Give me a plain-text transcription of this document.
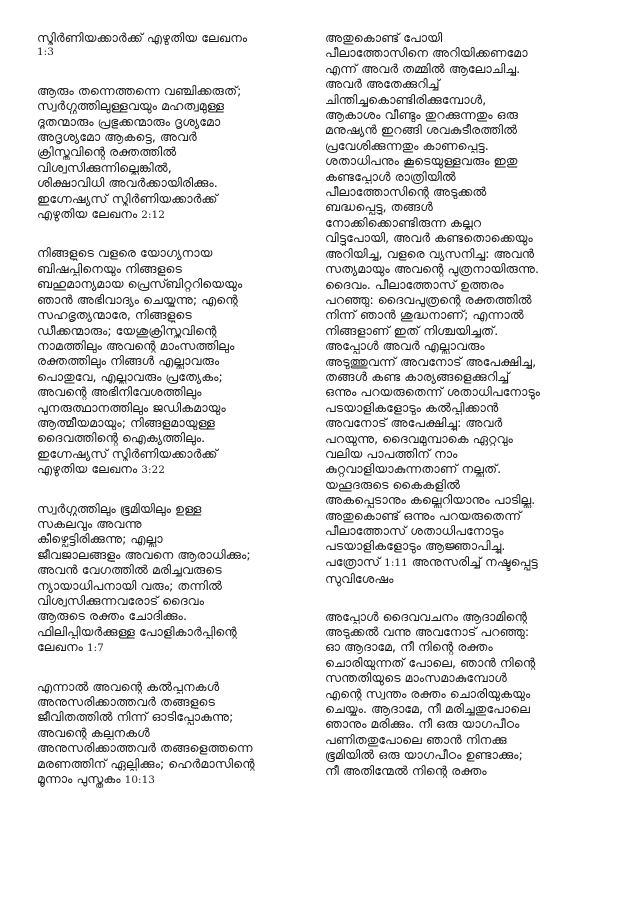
സ്മിർണിയക്കാർക്ക് എഴുതിയ ലേഖനം
1:3
ആരും തന്നെത്തന്നെ വഞ്ചിക്കരുത്;
സ്വർഗ്ഗത്തിലുള്ളവയും മഹത്വമുള്ള
ദൂതന്മാരും പ്രഭുക്കന്മാരും ദൃശ്യമോ
അദൃശ്യമോ ആകട്ടെ, അവർ
ക്രിസ്തുവിന്റെ രക്തത്തിൽ
വിശ്വസിക്കുന്നില്ലെങ്കിൽ,
ശിക്ഷാവിധി അവർക്കായിരിക്കും.
ഇഗ്നേഷ്യസ് സ്മിർണിയക്കാർക്ക്
എഴുതിയ ലേഖനം 2:12
നിങ്ങളുടെ വളരെ യോഗ്യനായ
ബിഷപ്പിനെയും നിങ്ങളുടെ
ബഹുമാന്യമായ പ്രെസ്ബിറ്ററിയെയും
ഞാൻ അഭിവാദ്യം ചെയ്യുന്നു; എന്റെ
സഹഭൃത്യന്മാരേ, നിങ്ങളുടെ
ഡീക്കന്മാരും; യേശുക്രിസ്തുവിന്റെ
നാമത്തിലും അവന്റെ മാംസത്തിലും
രക്തത്തിലും നിങ്ങൾ എല്ലാവരും
പൊതുവേ, എല്ലാവരും പ്രത്യേകം;
അവന്റെ അഭിനിവേശത്തിലും
പുനരുത്ഥാനത്തിലും ജഡികമായും
ആത്മീയമായും; നിങ്ങളുമായുള്ള
ദൈവത്തിന്റെ ഐക്യത്തിലും.
ഇഗ്നേഷ്യസ് സ്മിർണിയക്കാർക്ക്
എഴുതിയ ലേഖനം 3:22
സ്വർഗ്ഗത്തിലും ഭൂമിയിലും ഉള്ള
സകലവും അവന്നു
കീഴ്പ്പെട്ടിരിക്കുന്നു; എല്ലാ
ജീവജാലങ്ങളും അവനെ ആരാധിക്കും;
അവൻ വേഗത്തിൽ മരിച്ചവരുടെ
ന്യായാധിപനായി വരും; തന്നിൽ
വിശ്വസിക്കുന്നവരോട് ദൈവം
ആരുടെ രക്തം ചോദിക്കും.
ഫിലിപ്പിയർക്കുള്ള പോളികാർപ്പിന്റെ
ലേഖനം 1:7
എന്നാൽ അവന്റെ കൽപ്പനകൾ
അനുസരിക്കാത്തവർ തങ്ങളുടെ
ജീവിതത്തിൽ നിന്ന് ഓടിപ്പോകുന്നു;
അവന്റെ കല്പനകൾ
അനുസരിക്കാത്തവർ തങ്ങളെത്തന്നെ
മരണത്തിന് ഏല്പിക്കും; ഹെർമാസിന്റെ
മൂന്നാം പുസ്തകം 10:13
അതുകൊണ്ട് പോയി
പീലാത്തോസിനെ അറിയിക്കണമോ
എന്ന് അവർ തമ്മിൽ ആലോചിച്ചു.
അവർ അതേക്കുറിച്ച്
ചിന്തിച്ചുകൊണ്ടിരിക്കുമ്പോൾ,
ആകാശം വീണ്ടും തുറക്കുന്നതും ഒരു
മനുഷ്യൻ ഇറങ്ങി ശവകുടീരത്തിൽ
പ്രവേശിക്കുന്നതും കാണപ്പെട്ടു.
ശതാധിപനും കൂടെയുള്ളവരും ഇതു
കണ്ടപ്പോൾ രാത്രിയിൽ
പീലാത്തോസിന്റെ അടുക്കൽ
ബദ്ധപ്പെട്ടു, തങ്ങൾ
നോക്കിക്കൊണ്ടിരുന്ന കല്ലറ
വിട്ടുപോയി, അവർ കണ്ടതൊക്കെയും
അറിയിച്ചു, വളരെ വ്യസനിച്ചു: അവൻ
സത്യമായും അവന്റെ പുത്രനായിരുന്നു.
ദൈവം. പീലാത്തോസ് ഉത്തരം
പറഞ്ഞു: ദൈവപുത്രന്റെ രക്തത്തിൽ
നിന്ന് ഞാൻ ശുദ്ധനാണ്; എന്നാൽ
നിങ്ങളാണ് ഇത് നിശ്ചയിച്ചത്.
അപ്പോൾ അവർ എല്ലാവരും
അടുത്തുവന്ന് അവനോട് അപേക്ഷിച്ചു,
തങ്ങൾ കണ്ട കാര്യങ്ങളെക്കുറിച്ച്
ഒന്നും പറയരുതെന്ന് ശതാധിപനോടും
പടയാളികളോടും കൽപ്പിക്കാൻ
അവനോട് അപേക്ഷിച്ചു: അവർ
പറയുന്നു, ദൈവമുമ്പാകെ ഏറ്റവും
വലിയ പാപത്തിന് നാം
കുറ്റവാളിയാകുന്നതാണ് നല്ലത്.
യഹൂദരുടെ കൈകളിൽ
അകപ്പെടാനും കല്ലെറിയാനും പാടില്ല.
അതുകൊണ്ട് ഒന്നും പറയരുതെന്ന്
പീലാത്തോസ് ശതാധിപനോടും
പടയാളികളോടും ആജ്ഞാപിച്ചു.
പത്രോസ് 1:11 അനുസരിച്ച് നഷ്ടപ്പെട്ട
സുവിശേഷം
അപ്പോൾ ദൈവവചനം ആദാമിന്റെ
അടുക്കൽ വന്നു അവനോട് പറഞ്ഞു:
ഓ ആദാമേ, നീ നിന്റെ രക്തം
ചൊരിയുന്നത് പോലെ, ഞാൻ നിന്റെ
സന്തതിയുടെ മാംസമാകുമ്പോൾ
എന്റെ സ്വന്തം രക്തം ചൊരിയുകയും
ചെയ്യും. ആദാമേ, നീ മരിച്ചതുപോലെ
ഞാനും മരിക്കും. നീ ഒരു യാഗപീഠം
പണിതതുപോലെ ഞാൻ നിനക്കു
ഭൂമിയിൽ ഒരു യാഗപീഠം ഉണ്ടാക്കും;
നീ അതിന്മേൽ നിന്റെ രക്തം
